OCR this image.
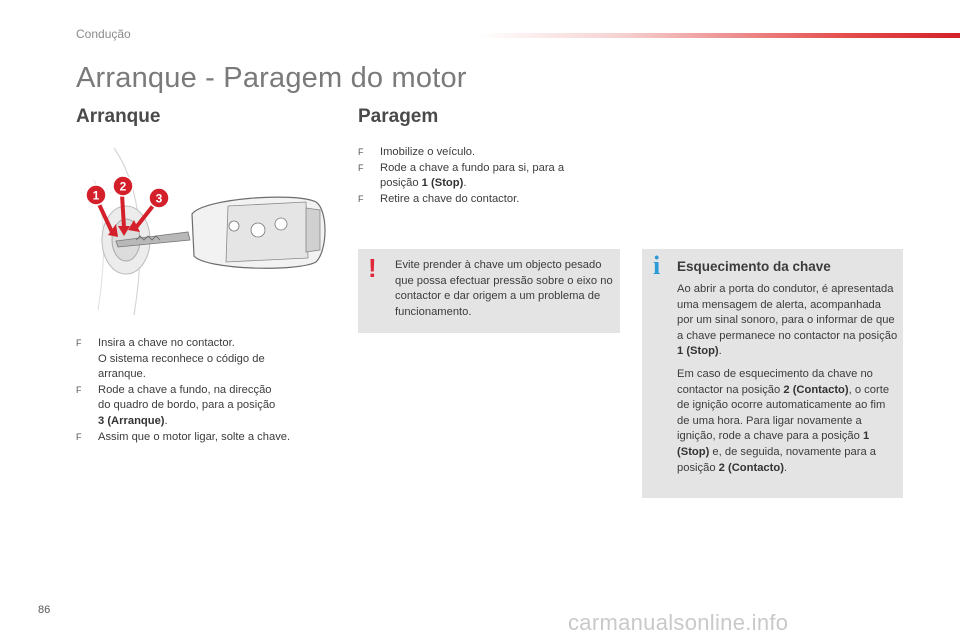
Condução
Arranque - Paragem do motor
Arranque	Paragem
1
2
3
F Insira a chave no contactor.
O sistema reconhece o código de
arranque.
F Rode a chave a fundo, na direcção
do quadro de bordo, para a posição
3 (Arranque).
F Assim que o motor ligar, solte a chave.
F Imobilize o veículo.
F Rode a chave a fundo para si, para a
posição 1 (Stop).
F Retire a chave do contactor.
! Evite prender à chave um objecto pesado que possa efectuar pressão sobre o eixo no contactor e dar origem a um problema de funcionamento.
i Esquecimento da chave

Ao abrir a porta do condutor, é apresentada uma mensagem de alerta, acompanhada por um sinal sonoro, para o informar de que a chave permanece no contactor na posição 1 (Stop).

Em caso de esquecimento da chave no contactor na posição 2 (Contacto), o corte de ignição ocorre automaticamente ao fim de uma hora. Para ligar novamente a ignição, rode a chave para a posição 1 (Stop) e, de seguida, novamente para a posição 2 (Contacto).

86	carmanualsonline.info
